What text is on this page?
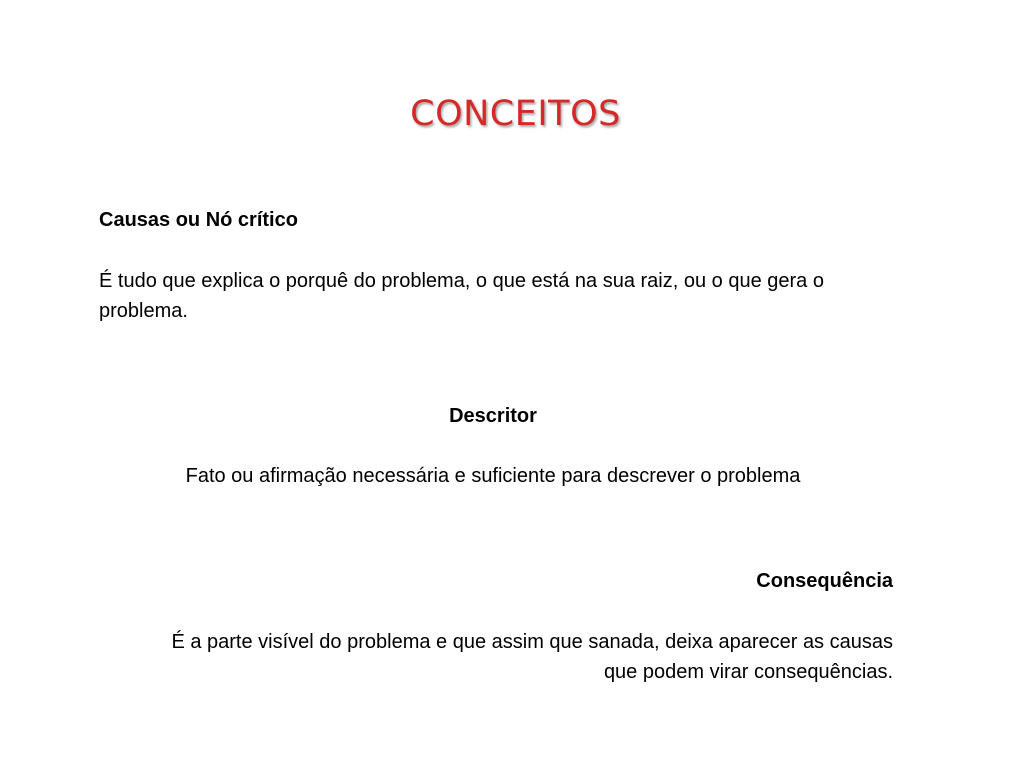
CONCEITOS

Causas ou Nó crítico

É tudo que explica o porquê do problema, o que está na sua raiz, ou o que gera o problema.

Descritor

Fato ou afirmação necessária e suficiente para descrever o problema

Consequência

É a parte visível do problema e que assim que sanada, deixa aparecer as causas que podem virar consequências.
